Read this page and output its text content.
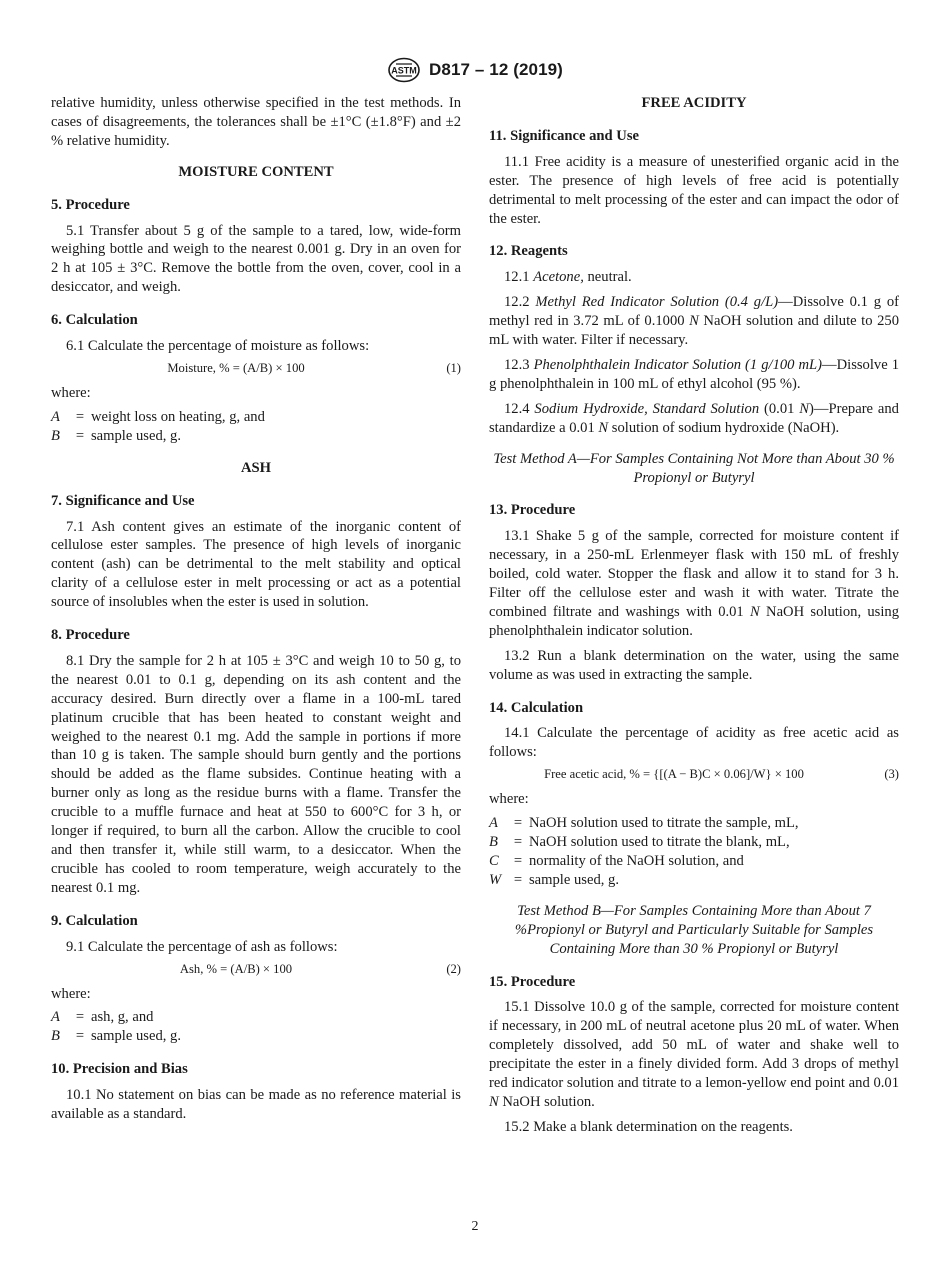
ASTM D817 – 12 (2019)

relative humidity, unless otherwise specified in the test methods. In cases of disagreements, the tolerances shall be ±1°C (±1.8°F) and ±2 % relative humidity.

MOISTURE CONTENT

5. Procedure

5.1 Transfer about 5 g of the sample to a tared, low, wide-form weighing bottle and weigh to the nearest 0.001 g. Dry in an oven for 2 h at 105 ± 3°C. Remove the bottle from the oven, cover, cool in a desiccator, and weigh.

6. Calculation

6.1 Calculate the percentage of moisture as follows:

Moisture, % = (A/B) × 100	(1)

where:

A	= weight loss on heating, g, and
B	= sample used, g.

ASH

7. Significance and Use

7.1 Ash content gives an estimate of the inorganic content of cellulose ester samples. The presence of high levels of inorganic content (ash) can be detrimental to the melt stability and optical clarity of a cellulose ester in melt processing or act as a potential source of insolubles when the ester is used in solution.

8. Procedure

8.1 Dry the sample for 2 h at 105 ± 3°C and weigh 10 to 50 g, to the nearest 0.01 to 0.1 g, depending on its ash content and the accuracy desired. Burn directly over a flame in a 100-mL tared platinum crucible that has been heated to constant weight and weighed to the nearest 0.1 mg. Add the sample in portions if more than 10 g is taken. The sample should burn gently and the portions should be added as the flame subsides. Continue heating with a burner only as long as the residue burns with a flame. Transfer the crucible to a muffle furnace and heat at 550 to 600°C for 3 h, or longer if required, to burn all the carbon. Allow the crucible to cool and then transfer it, while still warm, to a desiccator. When the crucible has cooled to room temperature, weigh accurately to the nearest 0.1 mg.

9. Calculation

9.1 Calculate the percentage of ash as follows:

Ash, % = (A/B) × 100	(2)

where:

A	= ash, g, and
B	= sample used, g.

10. Precision and Bias

10.1 No statement on bias can be made as no reference material is available as a standard.

FREE ACIDITY

11. Significance and Use

11.1 Free acidity is a measure of unesterified organic acid in the ester. The presence of high levels of free acid is potentially detrimental to melt processing of the ester and can impact the odor of the ester.

12. Reagents

12.1 Acetone, neutral.

12.2 Methyl Red Indicator Solution (0.4 g/L)—Dissolve 0.1 g of methyl red in 3.72 mL of 0.1000 N NaOH solution and dilute to 250 mL with water. Filter if necessary.

12.3 Phenolphthalein Indicator Solution (1 g/100 mL)—Dissolve 1 g phenolphthalein in 100 mL of ethyl alcohol (95 %).

12.4 Sodium Hydroxide, Standard Solution (0.01 N)—Prepare and standardize a 0.01 N solution of sodium hydroxide (NaOH).

Test Method A—For Samples Containing Not More than About 30 % Propionyl or Butyryl

13. Procedure

13.1 Shake 5 g of the sample, corrected for moisture content if necessary, in a 250-mL Erlenmeyer flask with 150 mL of freshly boiled, cold water. Stopper the flask and allow it to stand for 3 h. Filter off the cellulose ester and wash it with water. Titrate the combined filtrate and washings with 0.01 N NaOH solution, using phenolphthalein indicator solution.

13.2 Run a blank determination on the water, using the same volume as was used in extracting the sample.

14. Calculation

14.1 Calculate the percentage of acidity as free acetic acid as follows:

Free acetic acid, % = {[(A − B)C × 0.06]/W} × 100	(3)

where:

A	= NaOH solution used to titrate the sample, mL,
B	= NaOH solution used to titrate the blank, mL,
C	= normality of the NaOH solution, and
W = sample used, g.

Test Method B—For Samples Containing More than About 7 %Propionyl or Butyryl and Particularly Suitable for Samples Containing More than 30 % Propionyl or Butyryl

15. Procedure

15.1 Dissolve 10.0 g of the sample, corrected for moisture content if necessary, in 200 mL of neutral acetone plus 20 mL of water. When completely dissolved, add 50 mL of water and shake well to precipitate the ester in a finely divided form. Add 3 drops of methyl red indicator solution and titrate to a lemon-yellow end point and 0.01 N NaOH solution.

15.2 Make a blank determination on the reagents.

2
